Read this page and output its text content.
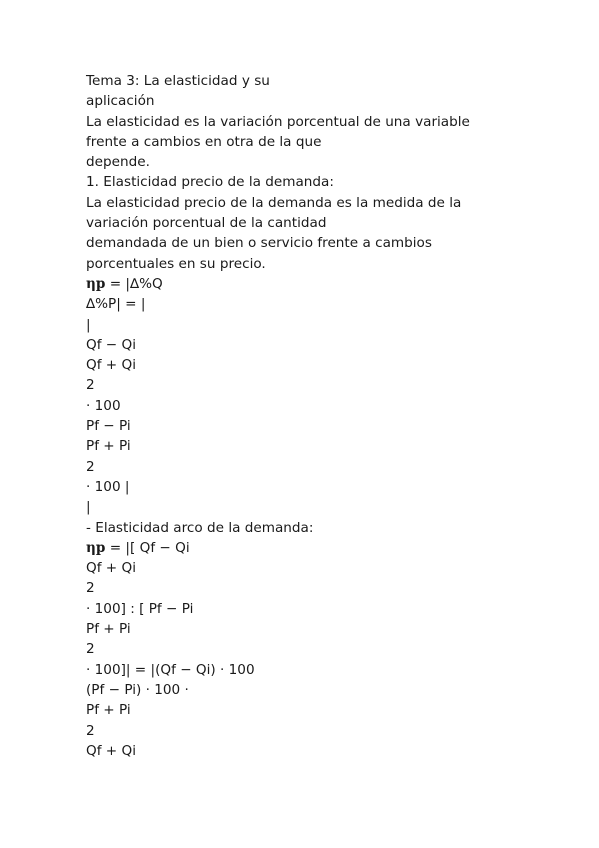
Tema 3: La elasticidad y su
aplicación
La elasticidad es la variación porcentual de una variable
frente a cambios en otra de la que
depende.
1. Elasticidad precio de la demanda:
La elasticidad precio de la demanda es la medida de la
variación porcentual de la cantidad
demandada de un bien o servicio frente a cambios
porcentuales en su precio.
ηp = |∆%Q
∆%P| = |
|
Qf − Qi
Qf + Qi
2
· 100
Pf − Pi
Pf + Pi
2
· 100 |
|
- Elasticidad arco de la demanda:
ηp = |[ Qf − Qi
Qf + Qi
2
· 100] : [ Pf − Pi
Pf + Pi
2
· 100]| = |(Qf − Qi) · 100
(Pf − Pi) · 100 ·
Pf + Pi
2
Qf + Qi
